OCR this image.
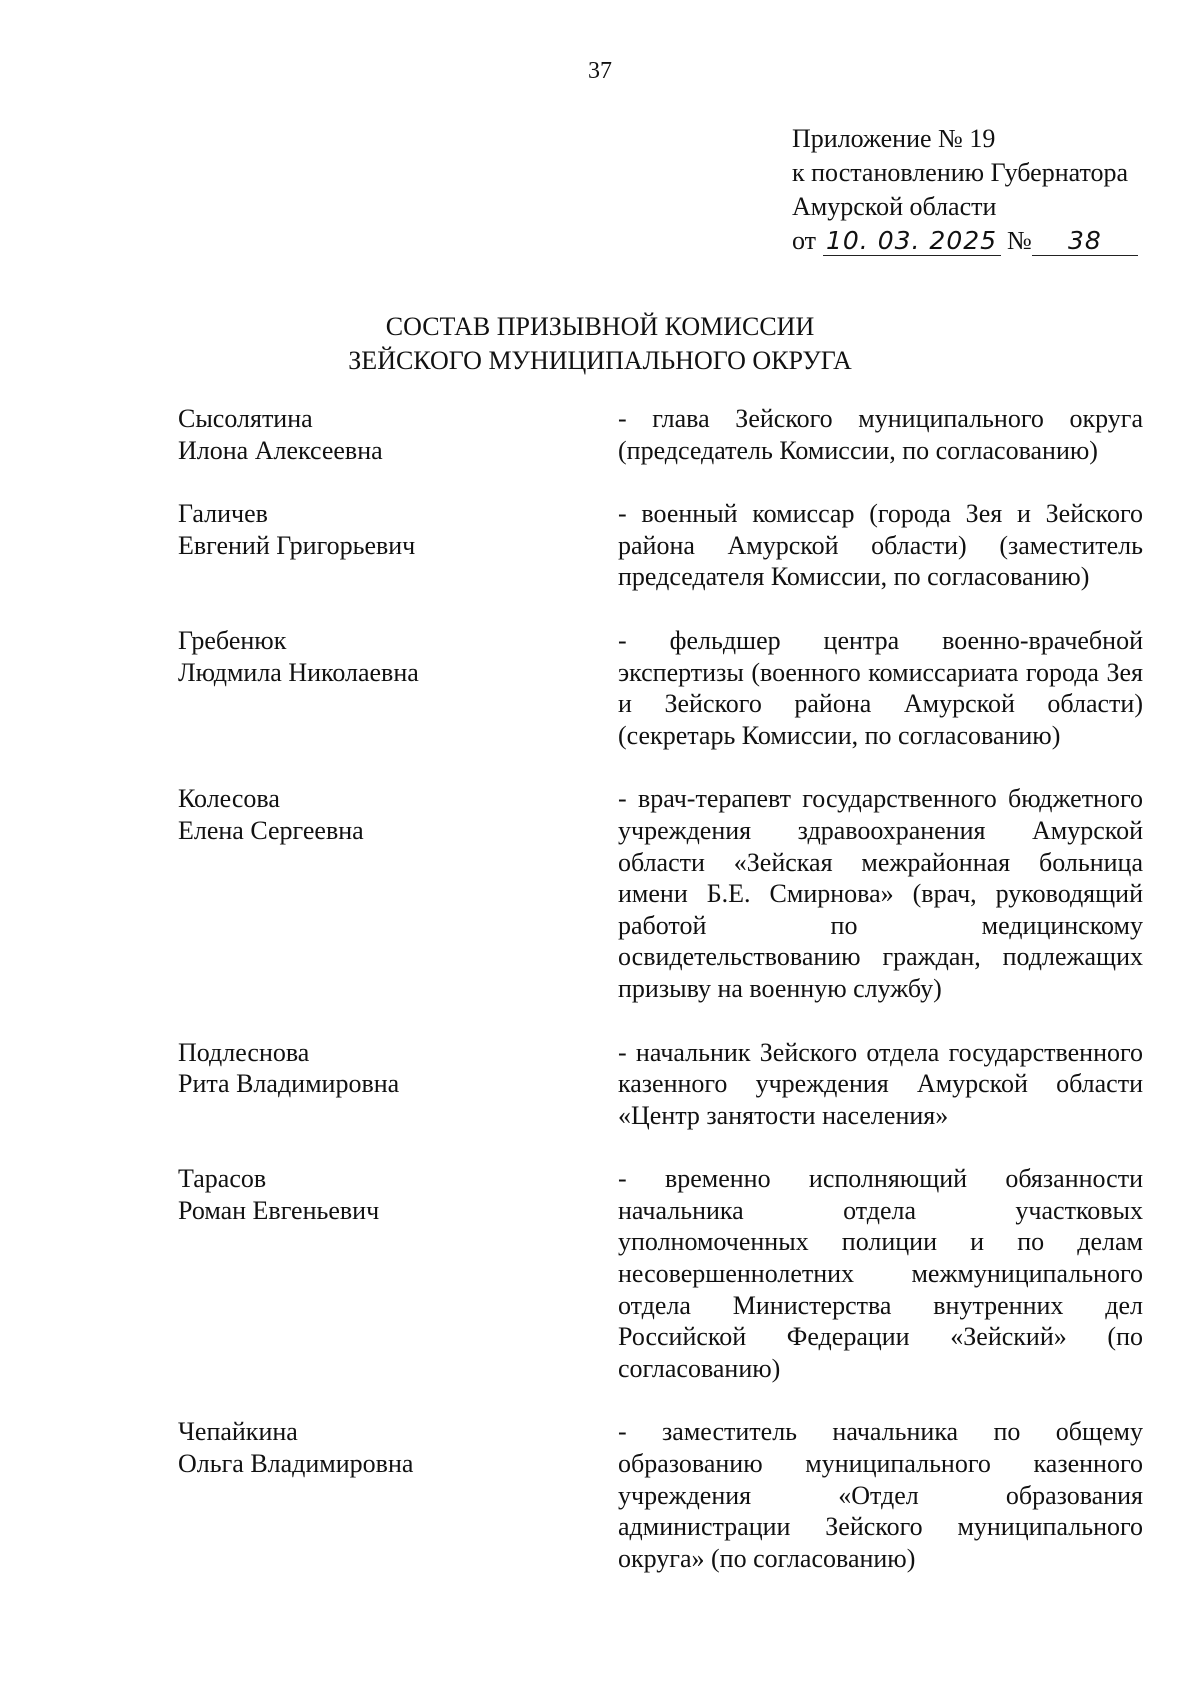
37
Приложение № 19
к постановлению Губернатора
Амурской области
от 10. 03. 2025 № 38
СОСТАВ ПРИЗЫВНОЙ КОМИССИИ
ЗЕЙСКОГО МУНИЦИПАЛЬНОГО ОКРУГА
Сысолятина
Илона Алексеевна
- глава Зейского муниципального округа (председатель Комиссии, по согласованию)
Галичев
Евгений Григорьевич
- военный комиссар (города Зея и Зейского района Амурской области) (заместитель председателя Комиссии, по согласованию)
Гребенюк
Людмила Николаевна
- фельдшер центра военно-врачебной экспертизы (военного комиссариата города Зея и Зейского района Амурской области) (секретарь Комиссии, по согласованию)
Колесова
Елена Сергеевна
- врач-терапевт государственного бюджетного учреждения здравоохранения Амурской области «Зейская межрайонная больница имени Б.Е. Смирнова» (врач, руководящий работой по медицинскому освидетельствованию граждан, подлежащих призыву на военную службу)
Подлеснова
Рита Владимировна
- начальник Зейского отдела государственного казенного учреждения Амурской области «Центр занятости населения»
Тарасов
Роман Евгеньевич
- временно исполняющий обязанности начальника отдела участковых уполномоченных полиции и по делам несовершеннолетних межмуниципального отдела Министерства внутренних дел Российской Федерации «Зейский» (по согласованию)
Чепайкина
Ольга Владимировна
- заместитель начальника по общему образованию муниципального казенного учреждения «Отдел образования администрации Зейского муниципального округа» (по согласованию)
